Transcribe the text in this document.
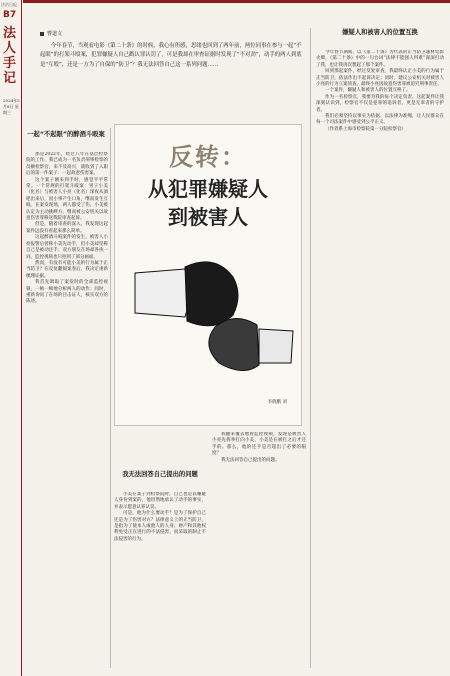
法治日报
B7
法人手记
2024年5月8日 星期三
曹道文
今年春节，当观看电影《第二十条》的时候，我心有所感，思绪也回到了两年前，两位同事在参与一起“不起眼”的打架斗殴案，犯罪嫌疑人自己戳认罪认罚了，可是我却在审查证据时发现了“不对劲”，动手的两人到底是“互殴”，还是一方为了自保的“防卫”？我无法回答自己这一系列问题……
一起“不起眼”的醉酒斗殴案

那是2022年，经过八年在基层检察院的工作，我已成为一名负责刑事检察的员额检察官，来不及高兴，就收到了入职后的第一件案子：一起故意伤害案。

这个案子刚来到手时，感觉平平常常。一个常规的打架斗殴案：男子小美（化名）与被害人小亮（化名）深夜从酒吧出来后，因小事产生口角，继而发生互殴。在案发现场，两人都受了伤，小美被认定为主动挑衅方，继而被公安机关以故意伤害罪移送我院审查起诉。

但是，随着审查的深入，我发现这起案件远没有看起来那么简单。

这起醉酒斗殴案件的发生，被害人小亮报警后曾称小美先动手，但小美却坚称自己是被动还手；双方朋友在场却各执一词，监控视频也只拍到了部分画面。

然而，有没有可能小美的行为属于正当防卫？在反复翻阅案卷后，我决定重新梳理证据。

我首先调取了案发时的全部监控视频，一帧一帧地分析两人的动作；同时，重新询问了在场的目击证人，核实双方的陈述。

反转：
从犯罪嫌疑人
到被害人
李晓鹏 刘
我无法回答自己提出的问题

小美在案子到检察院时，自己也是以嫌疑人身份到案的，他坦然地承认了动手的事实，并表示愿意认罪认罚。

可是，他为什么要动手？是为了保护自己还是为了伤害对方？法律意义上的正当防卫，是指为了使本人或他人的人身、财产和其他权利免受正在进行的不法侵害，而采取的制止不法侵害的行为。

我翻来覆去地看监控视频，发现是被害人小亮先挥拳打向小美，小美是在被打之后才还手的。那么，他的还手是否超出了必要的限度？

我无法回答自己提出的问题。

嫌疑人和被害人的位置互换

今年春节期间，以《第二十条》为代表的正当防卫题材电影火爆，《第二十条》中的一句台词“法律不能强人所难”深深打动了我，也让我再次想起了那个案件。

回到那起案件，经过反复审查，我最终认定小美的行为属于正当防卫，依法作出不起诉决定；同时，建议公安机关对被害人小亮的行为立案侦查，最终小亮因故意伤害罪被追究刑事责任。

一个案件，嫌疑人和被害人的位置互换了。

作为一名检察官，我要为我的每个决定负责。这起案件让我深刻认识到，检察官不仅是犯罪的追诉者，更是无辜者的守护者。

我们必须坚持以事实为依据、以法律为准绳，让人民群众在每一个司法案件中感受到公平正义。

（作者系上海市检察院第一分院检察官）
